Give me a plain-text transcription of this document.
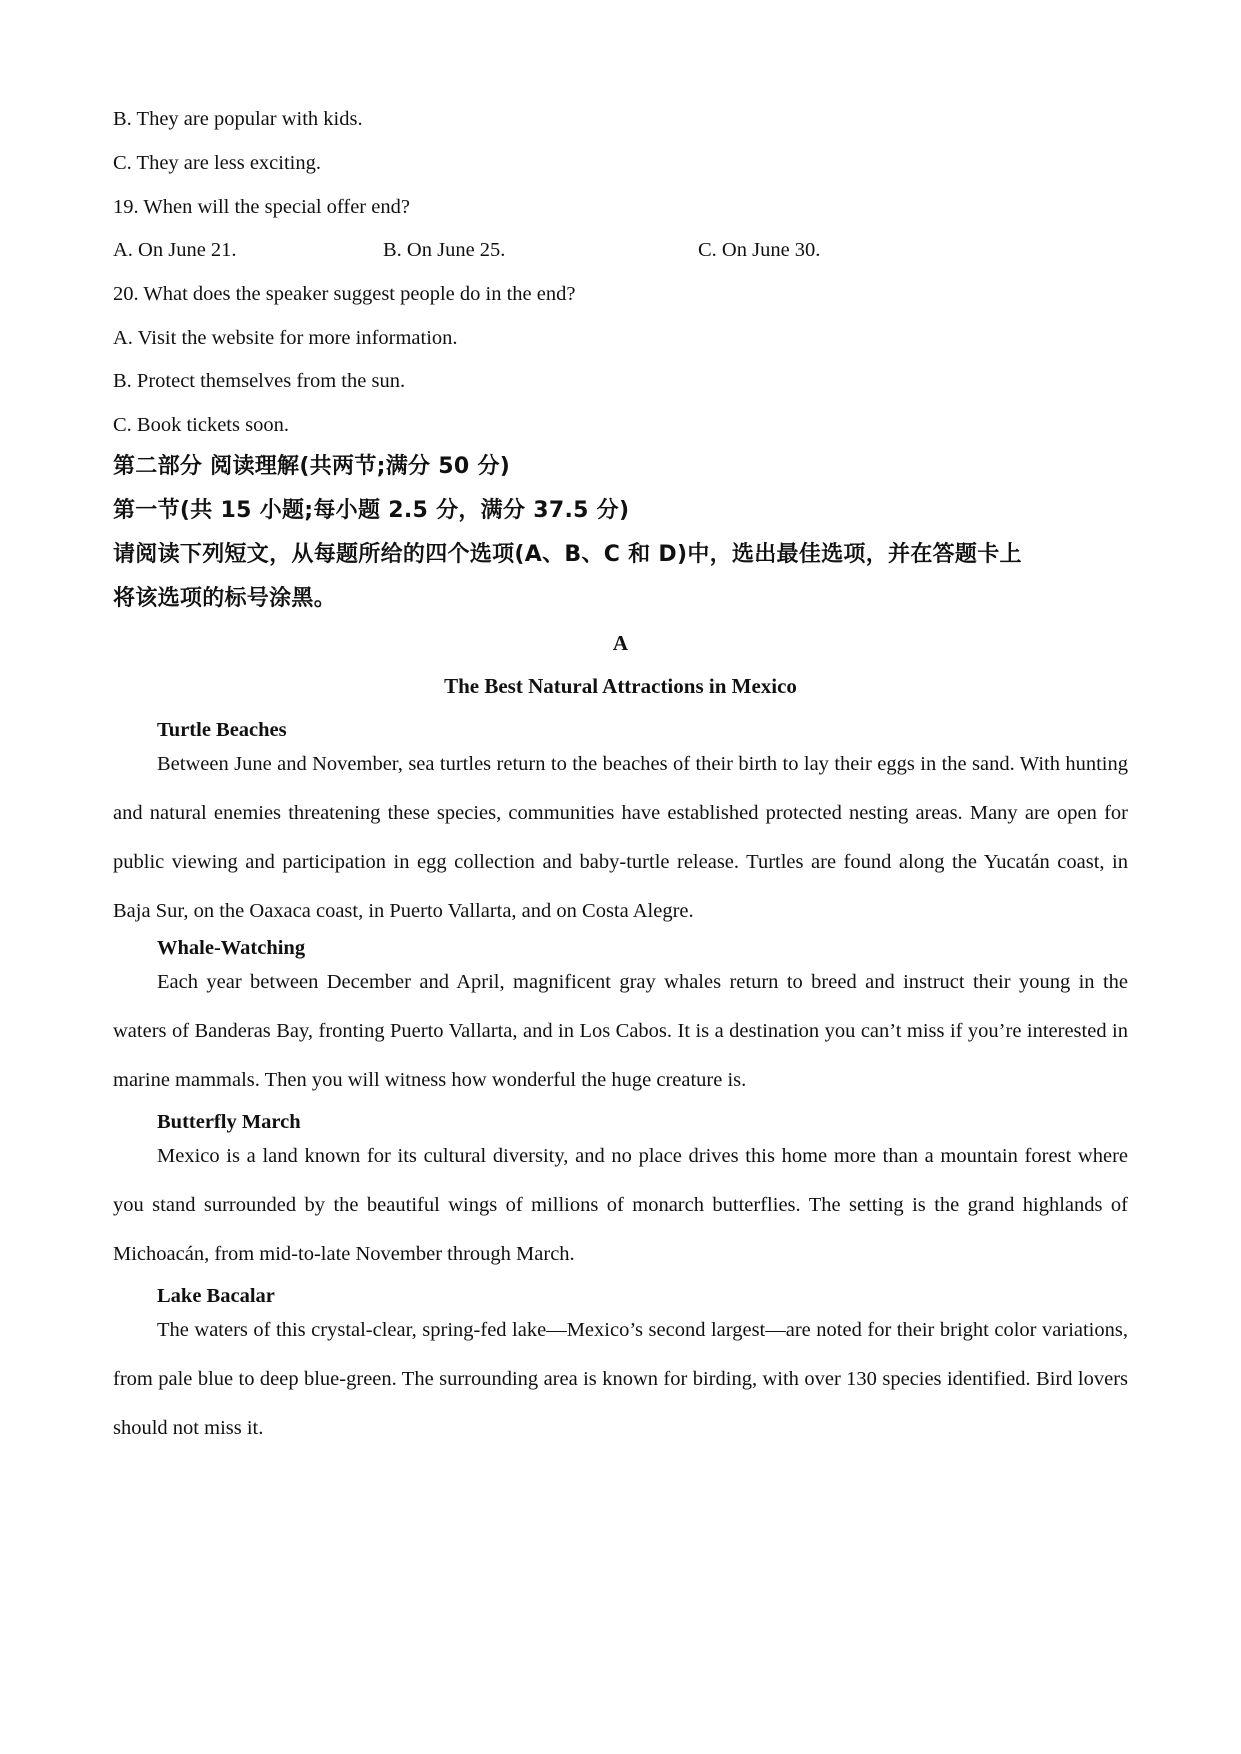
B. They are popular with kids.
C. They are less exciting.
19. When will the special offer end?
A. On June 21.	B. On June 25.	C. On June 30.
20. What does the speaker suggest people do in the end?
A. Visit the website for more information.
B. Protect themselves from the sun.
C. Book tickets soon.
第二部分 阅读理解(共两节;满分 50 分)
第一节(共 15 小题;每小题 2.5 分，满分 37.5 分)
请阅读下列短文，从每题所给的四个选项(A、B、C 和 D)中，选出最佳选项，并在答题卡上
将该选项的标号涂黑。
A
The Best Natural Attractions in Mexico
Turtle Beaches

Between June and November, sea turtles return to the beaches of their birth to lay their eggs in the sand. With hunting and natural enemies threatening these species, communities have established protected nesting areas. Many are open for public viewing and participation in egg collection and baby-turtle release. Turtles are found along the Yucatán coast, in Baja Sur, on the Oaxaca coast, in Puerto Vallarta, and on Costa Alegre.

Whale-Watching

Each year between December and April, magnificent gray whales return to breed and instruct their young in the waters of Banderas Bay, fronting Puerto Vallarta, and in Los Cabos. It is a destination you can’t miss if you’re interested in marine mammals. Then you will witness how wonderful the huge creature is.

Butterfly March

Mexico is a land known for its cultural diversity, and no place drives this home more than a mountain forest where you stand surrounded by the beautiful wings of millions of monarch butterflies. The setting is the grand highlands of Michoacán, from mid-to-late November through March.

Lake Bacalar

The waters of this crystal-clear, spring-fed lake—Mexico’s second largest—are noted for their bright color variations, from pale blue to deep blue-green. The surrounding area is known for birding, with over 130 species identified. Bird lovers should not miss it.
